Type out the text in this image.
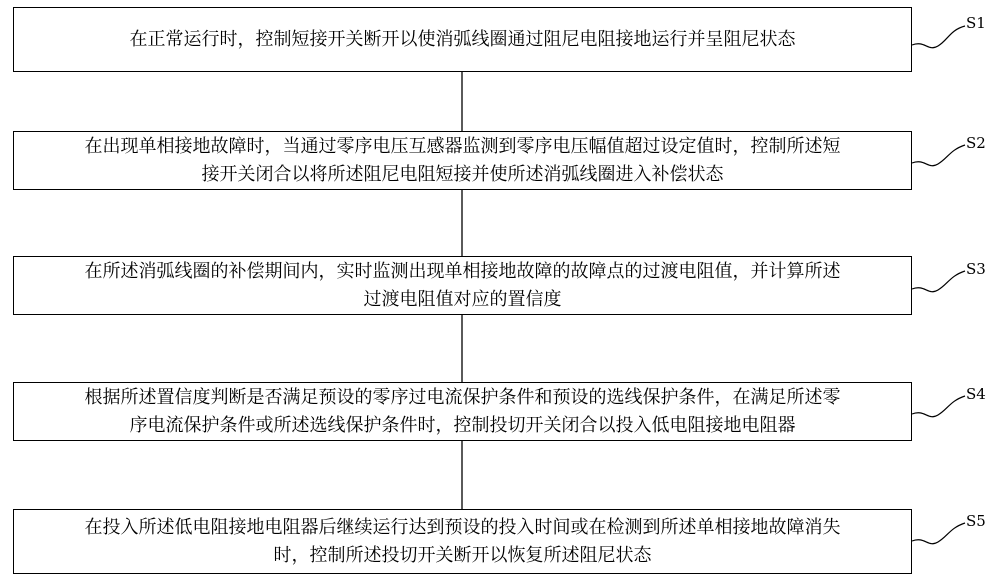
在正常运行时，控制短接开关断开以使消弧线圈通过阻尼电阻接地运行并呈阻尼状态
在出现单相接地故障时，当通过零序电压互感器监测到零序电压幅值超过设定值时，控制所述短
接开关闭合以将所述阻尼电阻短接并使所述消弧线圈进入补偿状态
在所述消弧线圈的补偿期间内，实时监测出现单相接地故障的故障点的过渡电阻值，并计算所述
过渡电阻值对应的置信度
根据所述置信度判断是否满足预设的零序过电流保护条件和预设的选线保护条件，在满足所述零
序电流保护条件或所述选线保护条件时，控制投切开关闭合以投入低电阻接地电阻器
在投入所述低电阻接地电阻器后继续运行达到预设的投入时间或在检测到所述单相接地故障消失
时，控制所述投切开关断开以恢复所述阻尼状态
S1
S2
S3
S4
S5
